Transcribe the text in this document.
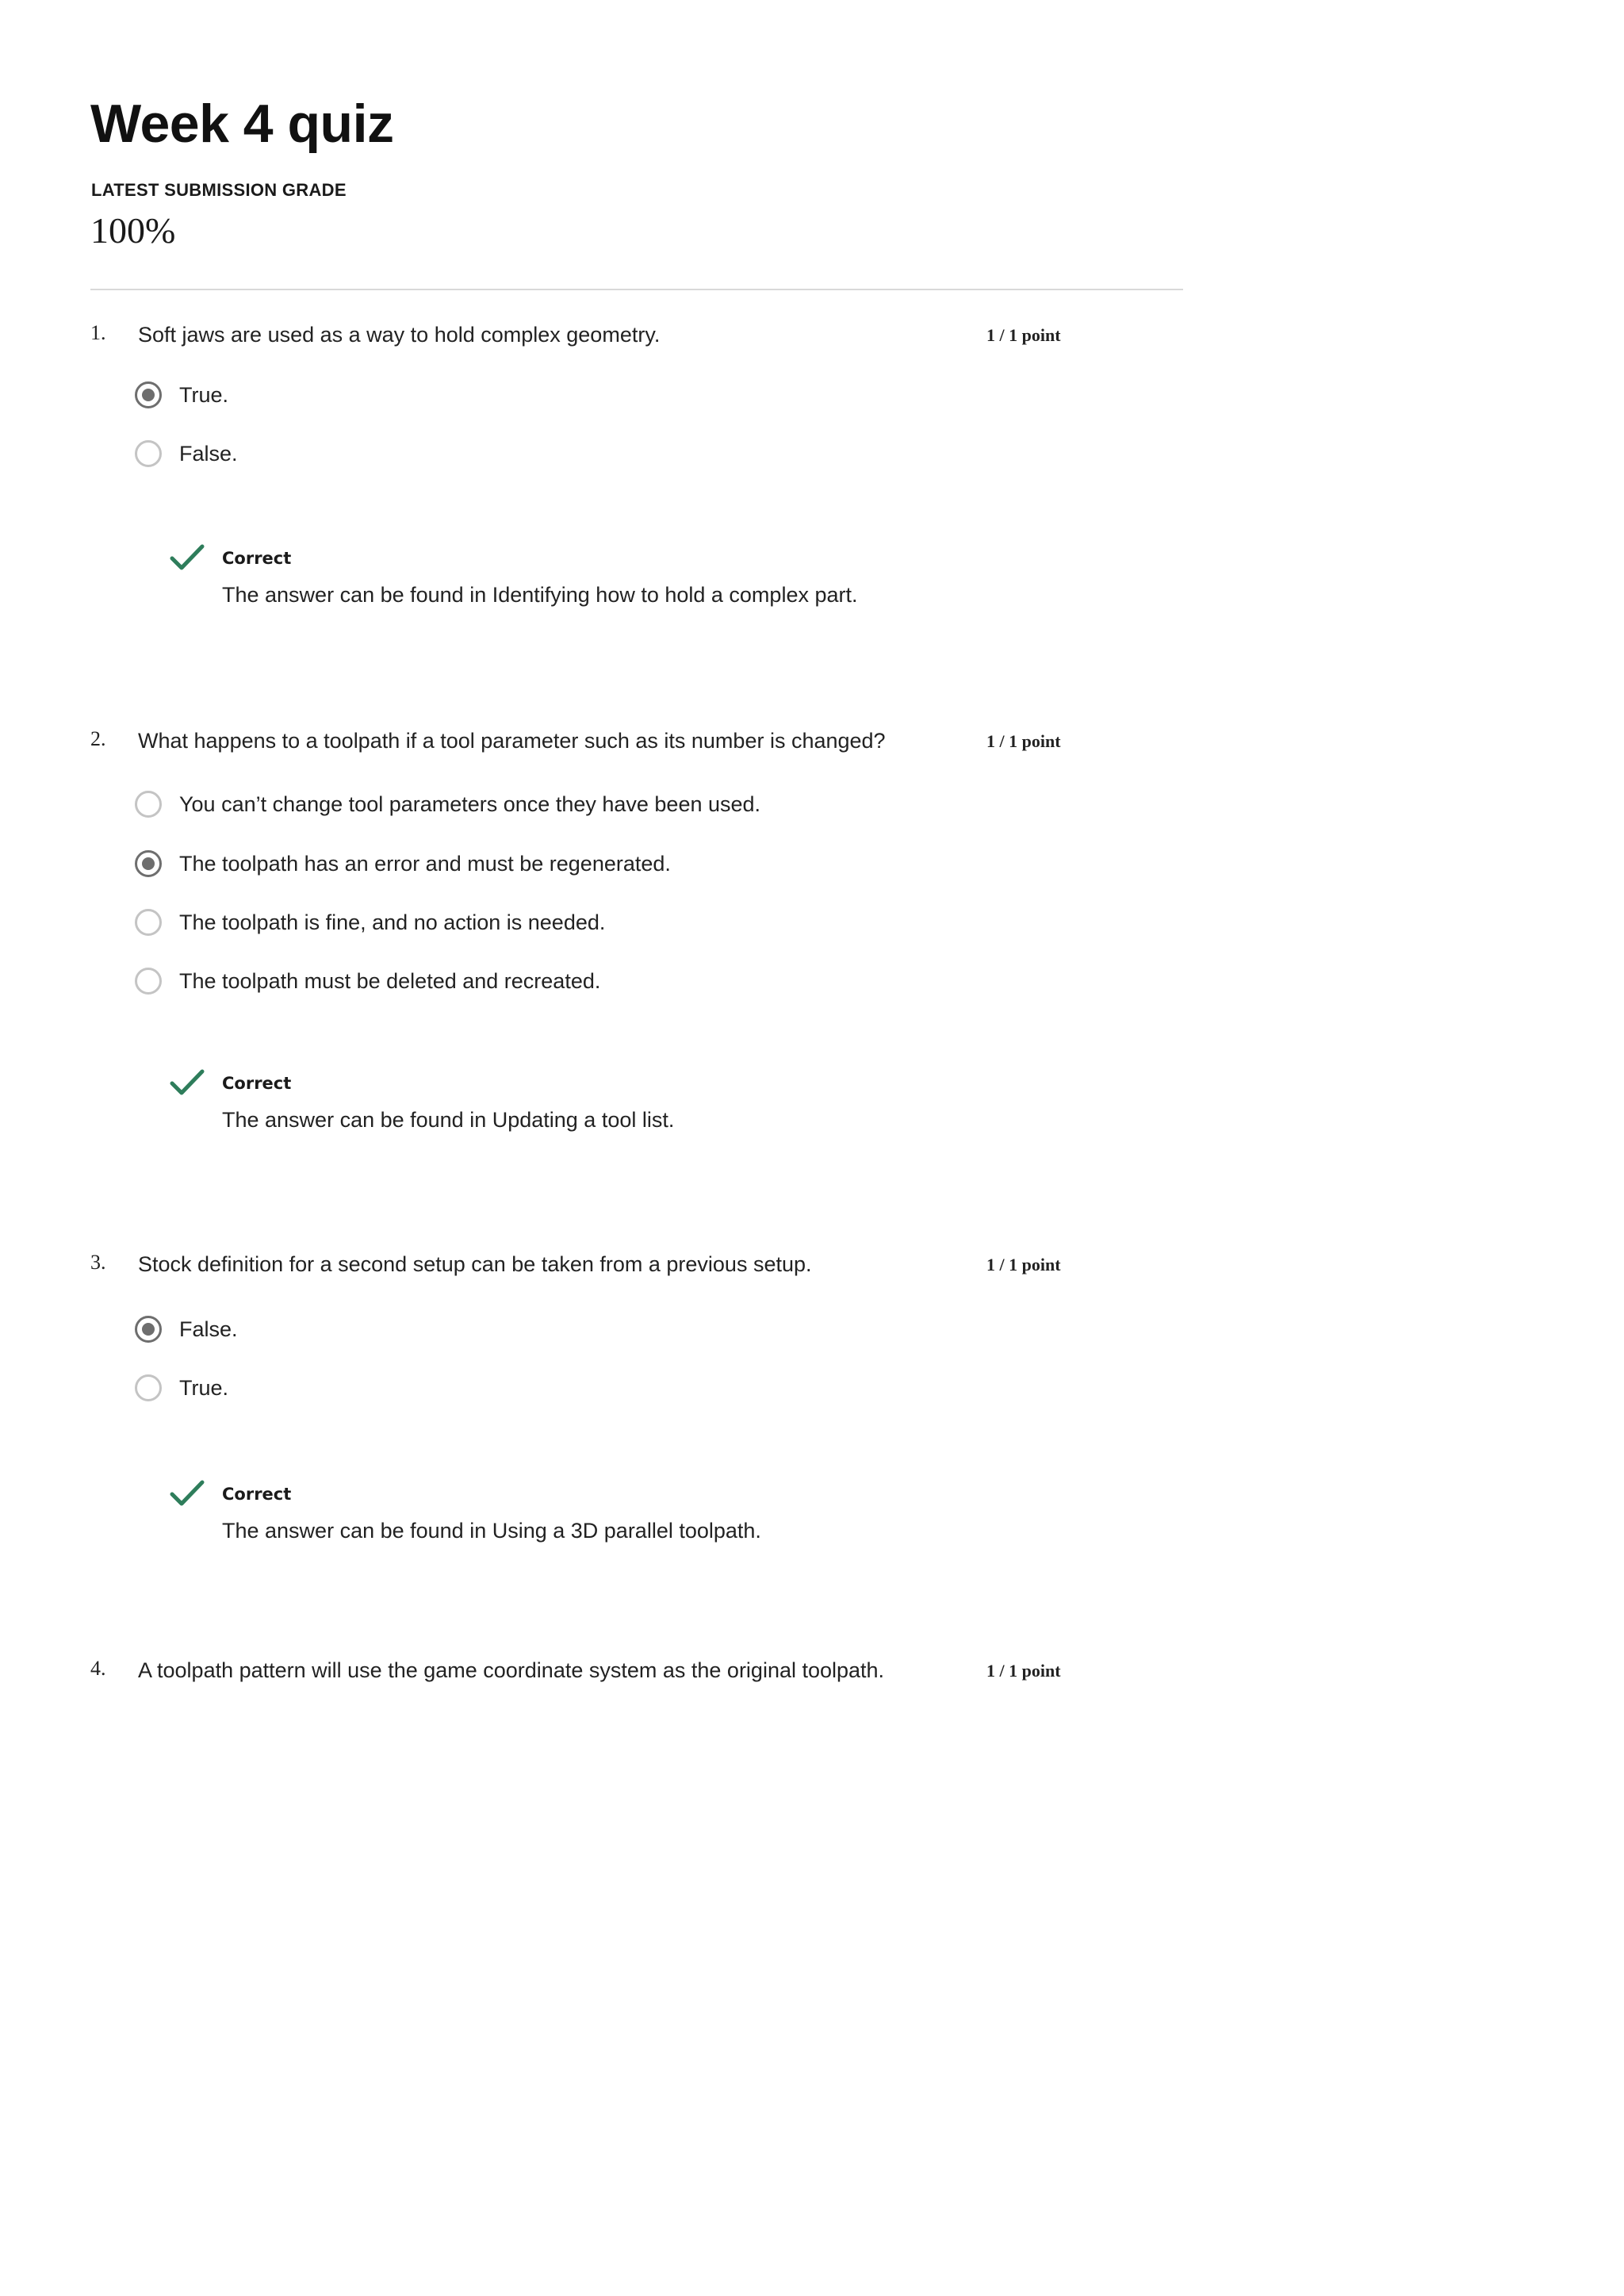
Week 4 quiz
LATEST SUBMISSION GRADE
100%
1. Soft jaws are used as a way to hold complex geometry.	1 / 1 point
True.
False.
Correct
The answer can be found in Identifying how to hold a complex part.
2. What happens to a toolpath if a tool parameter such as its number is changed?	1 / 1 point
You can’t change tool parameters once they have been used.
The toolpath has an error and must be regenerated.
The toolpath is fine, and no action is needed.
The toolpath must be deleted and recreated.
Correct
The answer can be found in Updating a tool list.
3. Stock definition for a second setup can be taken from a previous setup.	1 / 1 point
False.
True.
Correct
The answer can be found in Using a 3D parallel toolpath.
4. A toolpath pattern will use the game coordinate system as the original toolpath.	1 / 1 point
